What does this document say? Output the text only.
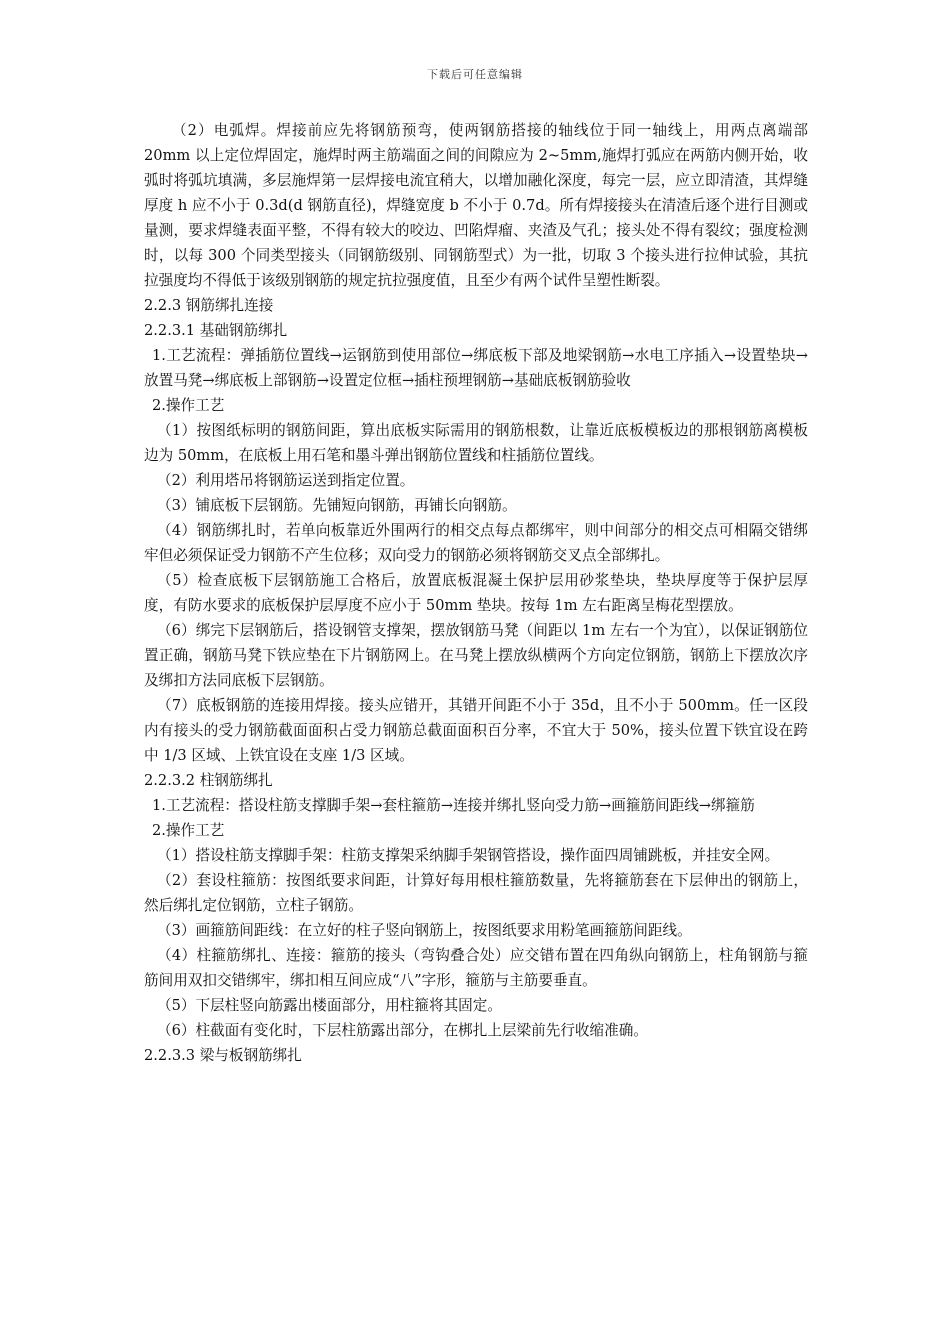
下载后可任意编辑

（2）电弧焊。焊接前应先将钢筋预弯，使两钢筋搭接的轴线位于同一轴线上，用两点离端部 20mm 以上定位焊固定，施焊时两主筋端面之间的间隙应为 2~5mm,施焊打弧应在两筋内侧开始，收弧时将弧坑填满，多层施焊第一层焊接电流宜稍大，以增加融化深度，每完一层，应立即清渣，其焊缝厚度 h 应不小于 0.3d(d 钢筋直径)，焊缝宽度 b 不小于 0.7d。所有焊接接头在清渣后逐个进行目测或量测，要求焊缝表面平整，不得有较大的咬边、凹陷焊瘤、夹渣及气孔；接头处不得有裂纹；强度检测时，以每 300 个同类型接头（同钢筋级别、同钢筋型式）为一批，切取 3 个接头进行拉伸试验，其抗拉强度均不得低于该级别钢筋的规定抗拉强度值，且至少有两个试件呈塑性断裂。

2.2.3 钢筋绑扎连接

2.2.3.1 基础钢筋绑扎

1.工艺流程：弹插筋位置线→运钢筋到使用部位→绑底板下部及地梁钢筋→水电工序插入→设置垫块→放置马凳→绑底板上部钢筋→设置定位框→插柱预埋钢筋→基础底板钢筋验收

2.操作工艺

（1）按图纸标明的钢筋间距，算出底板实际需用的钢筋根数，让靠近底板模板边的那根钢筋离模板边为 50mm，在底板上用石笔和墨斗弹出钢筋位置线和柱插筋位置线。

（2）利用塔吊将钢筋运送到指定位置。

（3）铺底板下层钢筋。先铺短向钢筋，再铺长向钢筋。

（4）钢筋绑扎时，若单向板靠近外围两行的相交点每点都绑牢，则中间部分的相交点可相隔交错绑牢但必须保证受力钢筋不产生位移；双向受力的钢筋必须将钢筋交叉点全部绑扎。

（5）检查底板下层钢筋施工合格后，放置底板混凝土保护层用砂浆垫块，垫块厚度等于保护层厚度，有防水要求的底板保护层厚度不应小于 50mm 垫块。按每 1m 左右距离呈梅花型摆放。

（6）绑完下层钢筋后，搭设钢管支撑架，摆放钢筋马凳（间距以 1m 左右一个为宜），以保证钢筋位置正确，钢筋马凳下铁应垫在下片钢筋网上。在马凳上摆放纵横两个方向定位钢筋，钢筋上下摆放次序及绑扣方法同底板下层钢筋。

（7）底板钢筋的连接用焊接。接头应错开，其错开间距不小于 35d，且不小于 500mm。任一区段内有接头的受力钢筋截面面积占受力钢筋总截面面积百分率，不宜大于 50%，接头位置下铁宜设在跨中 1/3 区域、上铁宜设在支座 1/3 区域。

2.2.3.2 柱钢筋绑扎

1.工艺流程：搭设柱筋支撑脚手架→套柱箍筋→连接并绑扎竖向受力筋→画箍筋间距线→绑箍筋

2.操作工艺

（1）搭设柱筋支撑脚手架：柱筋支撑架采纳脚手架钢管搭设，操作面四周铺跳板，并挂安全网。

（2）套设柱箍筋：按图纸要求间距，计算好每用根柱箍筋数量，先将箍筋套在下层伸出的钢筋上，然后绑扎定位钢筋，立柱子钢筋。

（3）画箍筋间距线：在立好的柱子竖向钢筋上，按图纸要求用粉笔画箍筋间距线。

（4）柱箍筋绑扎、连接：箍筋的接头（弯钩叠合处）应交错布置在四角纵向钢筋上，柱角钢筋与箍筋间用双扣交错绑牢，绑扣相互间应成“八”字形，箍筋与主筋要垂直。

（5）下层柱竖向筋露出楼面部分，用柱箍将其固定。

（6）柱截面有变化时，下层柱筋露出部分，在梆扎上层梁前先行收缩准确。

2.2.3.3 梁与板钢筋绑扎
